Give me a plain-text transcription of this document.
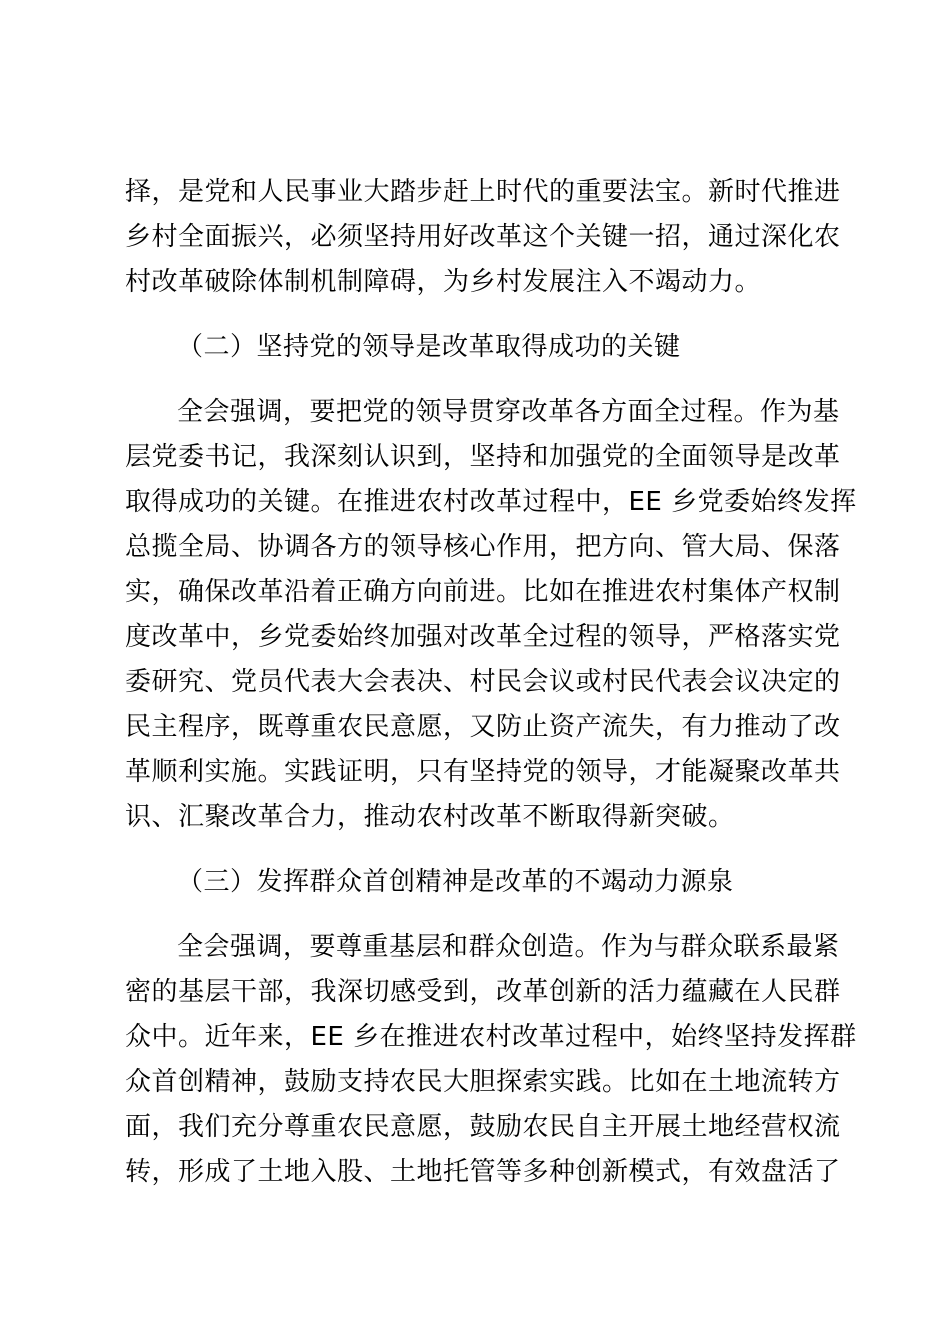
择，是党和人民事业大踏步赶上时代的重要法宝。新时代推进
乡村全面振兴，必须坚持用好改革这个关键一招，通过深化农
村改革破除体制机制障碍，为乡村发展注入不竭动力。
（二）坚持党的领导是改革取得成功的关键
全会强调，要把党的领导贯穿改革各方面全过程。作为基
层党委书记，我深刻认识到，坚持和加强党的全面领导是改革
取得成功的关键。在推进农村改革过程中，EE 乡党委始终发挥
总揽全局、协调各方的领导核心作用，把方向、管大局、保落
实，确保改革沿着正确方向前进。比如在推进农村集体产权制
度改革中，乡党委始终加强对改革全过程的领导，严格落实党
委研究、党员代表大会表决、村民会议或村民代表会议决定的
民主程序，既尊重农民意愿，又防止资产流失，有力推动了改
革顺利实施。实践证明，只有坚持党的领导，才能凝聚改革共
识、汇聚改革合力，推动农村改革不断取得新突破。
（三）发挥群众首创精神是改革的不竭动力源泉
全会强调，要尊重基层和群众创造。作为与群众联系最紧
密的基层干部，我深切感受到，改革创新的活力蕴藏在人民群
众中。近年来，EE 乡在推进农村改革过程中，始终坚持发挥群
众首创精神，鼓励支持农民大胆探索实践。比如在土地流转方
面，我们充分尊重农民意愿，鼓励农民自主开展土地经营权流
转，形成了土地入股、土地托管等多种创新模式，有效盘活了
